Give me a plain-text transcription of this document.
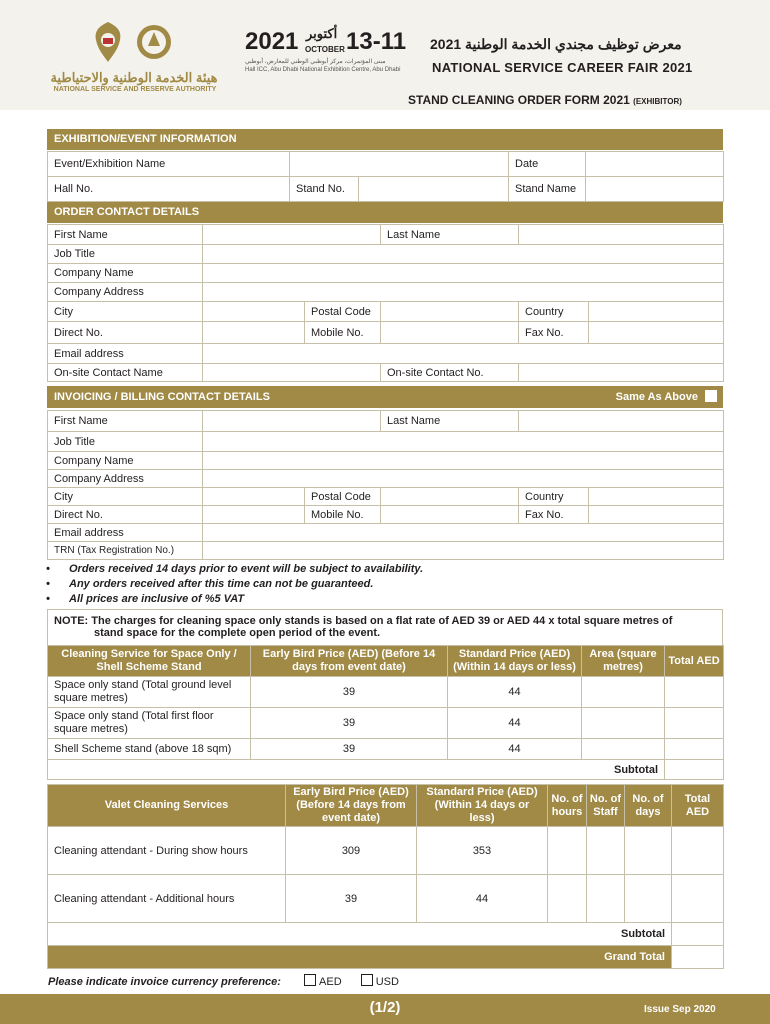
هيئة الخدمة الوطنية والاحتياطية
NATIONAL SERVICE AND RESERVE AUTHORITY
2021 أكتوبر
OCTOBER 13-11
مبنى المؤتمرات، مركز أبوظبي الوطني للمعارض، أبوظبي
Hall ICC, Abu Dhabi National Exhibition Centre, Abu Dhabi
معرض توظيف مجندي الخدمة الوطنية 2021
NATIONAL SERVICE CAREER FAIR 2021
STAND CLEANING ORDER FORM 2021 (EXHIBITOR)
EXHIBITION/EVENT INFORMATION
Event/Exhibition Name			Date	
Hall No.	Stand No.		Stand Name	
ORDER CONTACT DETAILS
First Name			Last Name		
Job Title					
Company Name					
Company Address					
City		Postal Code		Country	
Direct No.		Mobile No.		Fax No.	
Email address					
On-site Contact Name			On-site Contact No.		
INVOICING / BILLING CONTACT DETAILS	Same As Above
First Name			Last Name		
Job Title					
Company Name					
Company Address					
City		Postal Code		Country	
Direct No.		Mobile No.		Fax No.	
Email address					
TRN (Tax Registration No.)					
• Orders received 14 days prior to event will be subject to availability.
• Any orders received after this time can not be guaranteed.
• All prices are inclusive of %5 VAT
NOTE: The charges for cleaning space only stands is based on a flat rate of AED 39 or AED 44 x total square metres of
stand space for the complete open period of the event.
Cleaning Service for Space Only / Shell Scheme Stand	Early Bird Price (AED) (Before 14 days from event date)	Standard Price (AED) (Within 14 days or less)	Area (square metres)	Total AED
Space only stand (Total ground level square metres)	39	44		
Space only stand (Total first floor square metres)	39	44		
Shell Scheme stand (above 18 sqm)	39	44		
Subtotal				
Valet Cleaning Services	Early Bird Price (AED) (Before 14 days from event date)	Standard Price (AED) (Within 14 days or less)	No. of hours	No. of Staff	No. of days	Total AED
Cleaning attendant - During show hours	309	353				
Cleaning attendant - Additional hours	39	44				
Subtotal						
Grand Total						
Please indicate invoice currency preference:	AED	USD
(1/2)	Issue Sep 2020
